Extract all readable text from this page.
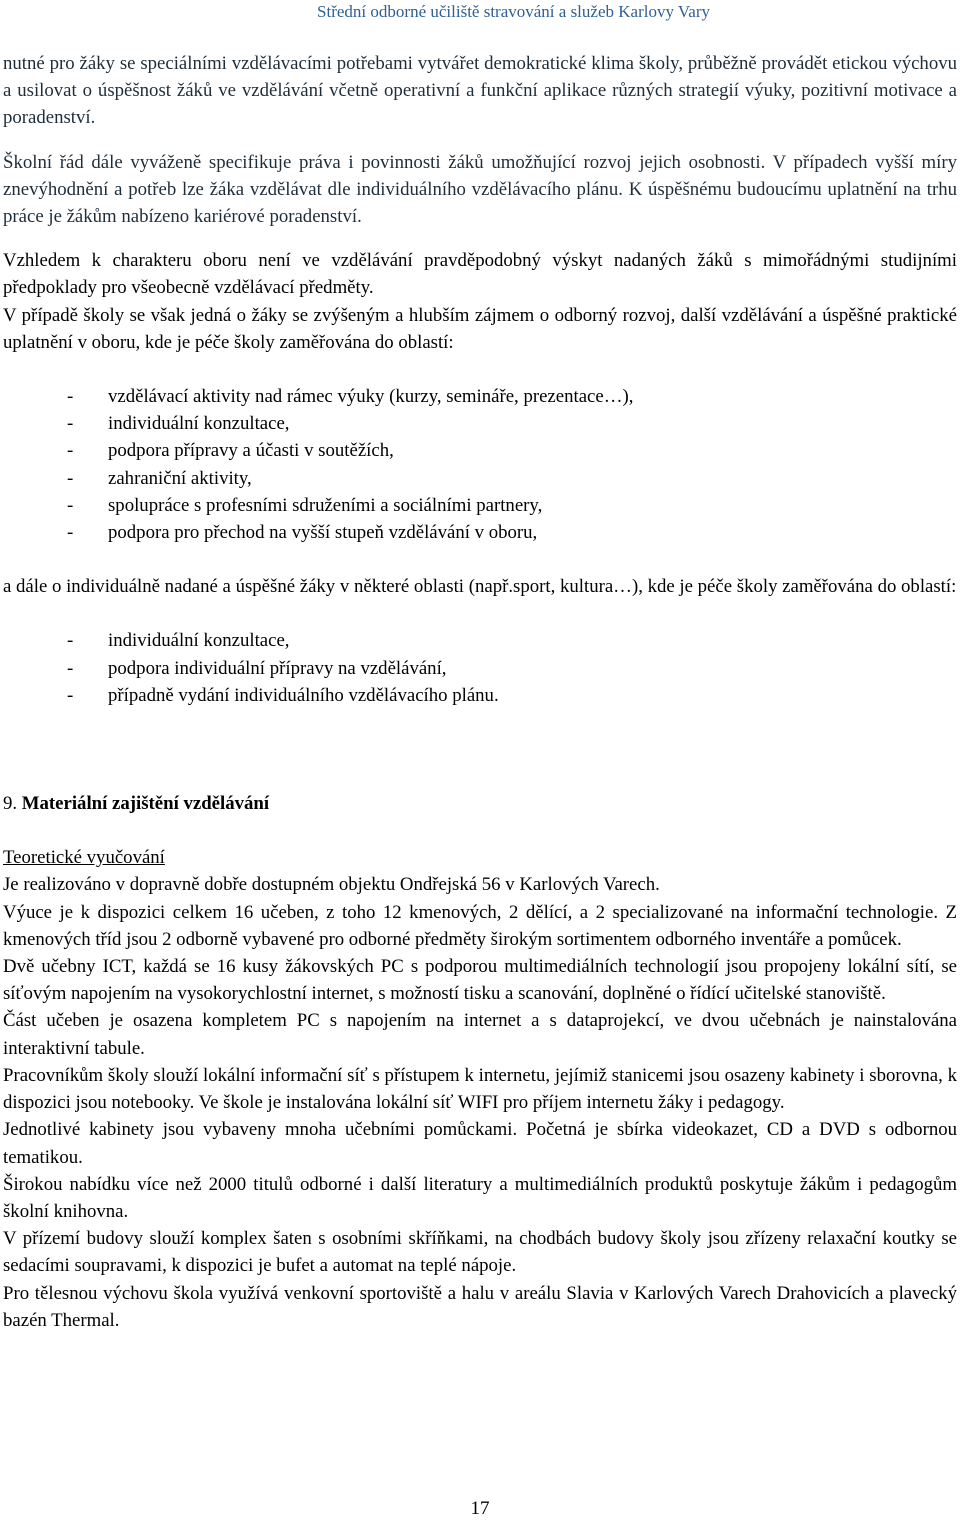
Střední odborné učiliště stravování a služeb Karlovy Vary

nutné pro žáky se speciálními vzdělávacími potřebami vytvářet demokratické klima školy, průběžně provádět etickou výchovu a usilovat o úspěšnost žáků ve vzdělávání včetně operativní a funkční aplikace různých strategií výuky, pozitivní motivace a poradenství.

Školní řád dále vyváženě specifikuje práva i povinnosti žáků umožňující rozvoj jejich osobnosti. V případech vyšší míry znevýhodnění a potřeb lze žáka vzdělávat dle individuálního vzdělávacího plánu. K úspěšnému budoucímu uplatnění na trhu práce je žákům nabízeno kariérové poradenství.

Vzhledem k charakteru oboru není ve vzdělávání pravděpodobný výskyt nadaných žáků s mimořádnými studijními předpoklady pro všeobecně vzdělávací předměty.

V případě školy se však jedná o žáky se zvýšeným a hlubším zájmem o odborný rozvoj, další vzdělávání a úspěšné praktické uplatnění v oboru, kde je péče školy zaměřována do oblastí:

- vzdělávací aktivity nad rámec výuky (kurzy, semináře, prezentace…),
- individuální konzultace,
- podpora přípravy a účasti v soutěžích,
- zahraniční aktivity,
- spolupráce s profesními sdruženími a sociálními partnery,
- podpora pro přechod na vyšší stupeň vzdělávání v oboru,

a dále o individuálně nadané a úspěšné žáky v některé oblasti (např.sport, kultura…), kde je péče školy zaměřována do oblastí:

- individuální konzultace,
- podpora individuální přípravy na vzdělávání,
- případně vydání individuálního vzdělávacího plánu.

9. Materiální zajištění vzdělávání

Teoretické vyučování

Je realizováno v dopravně dobře dostupném objektu Ondřejská 56 v Karlových Varech.

Výuce je k dispozici celkem 16 učeben, z toho 12 kmenových, 2 dělící, a 2 specializované na informační technologie. Z kmenových tříd jsou 2 odborně vybavené pro odborné předměty širokým sortimentem odborného inventáře a pomůcek.

Dvě učebny ICT, každá se 16 kusy žákovských PC s podporou multimediálních technologií jsou propojeny lokální sítí, se síťovým napojením na vysokorychlostní internet, s možností tisku a scanování, doplněné o řídící učitelské stanoviště.

Část učeben je osazena kompletem PC s napojením na internet a s dataprojekcí, ve dvou učebnách je nainstalována interaktivní tabule.

Pracovníkům školy slouží lokální informační síť s přístupem k internetu, jejímiž stanicemi jsou osazeny kabinety i sborovna, k dispozici jsou notebooky. Ve škole je instalována lokální síť WIFI pro příjem internetu žáky i pedagogy.

Jednotlivé kabinety jsou vybaveny mnoha učebními pomůckami. Početná je sbírka videokazet, CD a DVD s odbornou tematikou.

Širokou nabídku více než 2000 titulů odborné i další literatury a multimediálních produktů poskytuje žákům i pedagogům školní knihovna.

V přízemí budovy slouží komplex šaten s osobními skříňkami, na chodbách budovy školy jsou zřízeny relaxační koutky se sedacími soupravami, k dispozici je bufet a automat na teplé nápoje.

Pro tělesnou výchovu škola využívá venkovní sportoviště a halu v areálu Slavia v Karlových Varech Drahovicích a plavecký bazén Thermal.

17
